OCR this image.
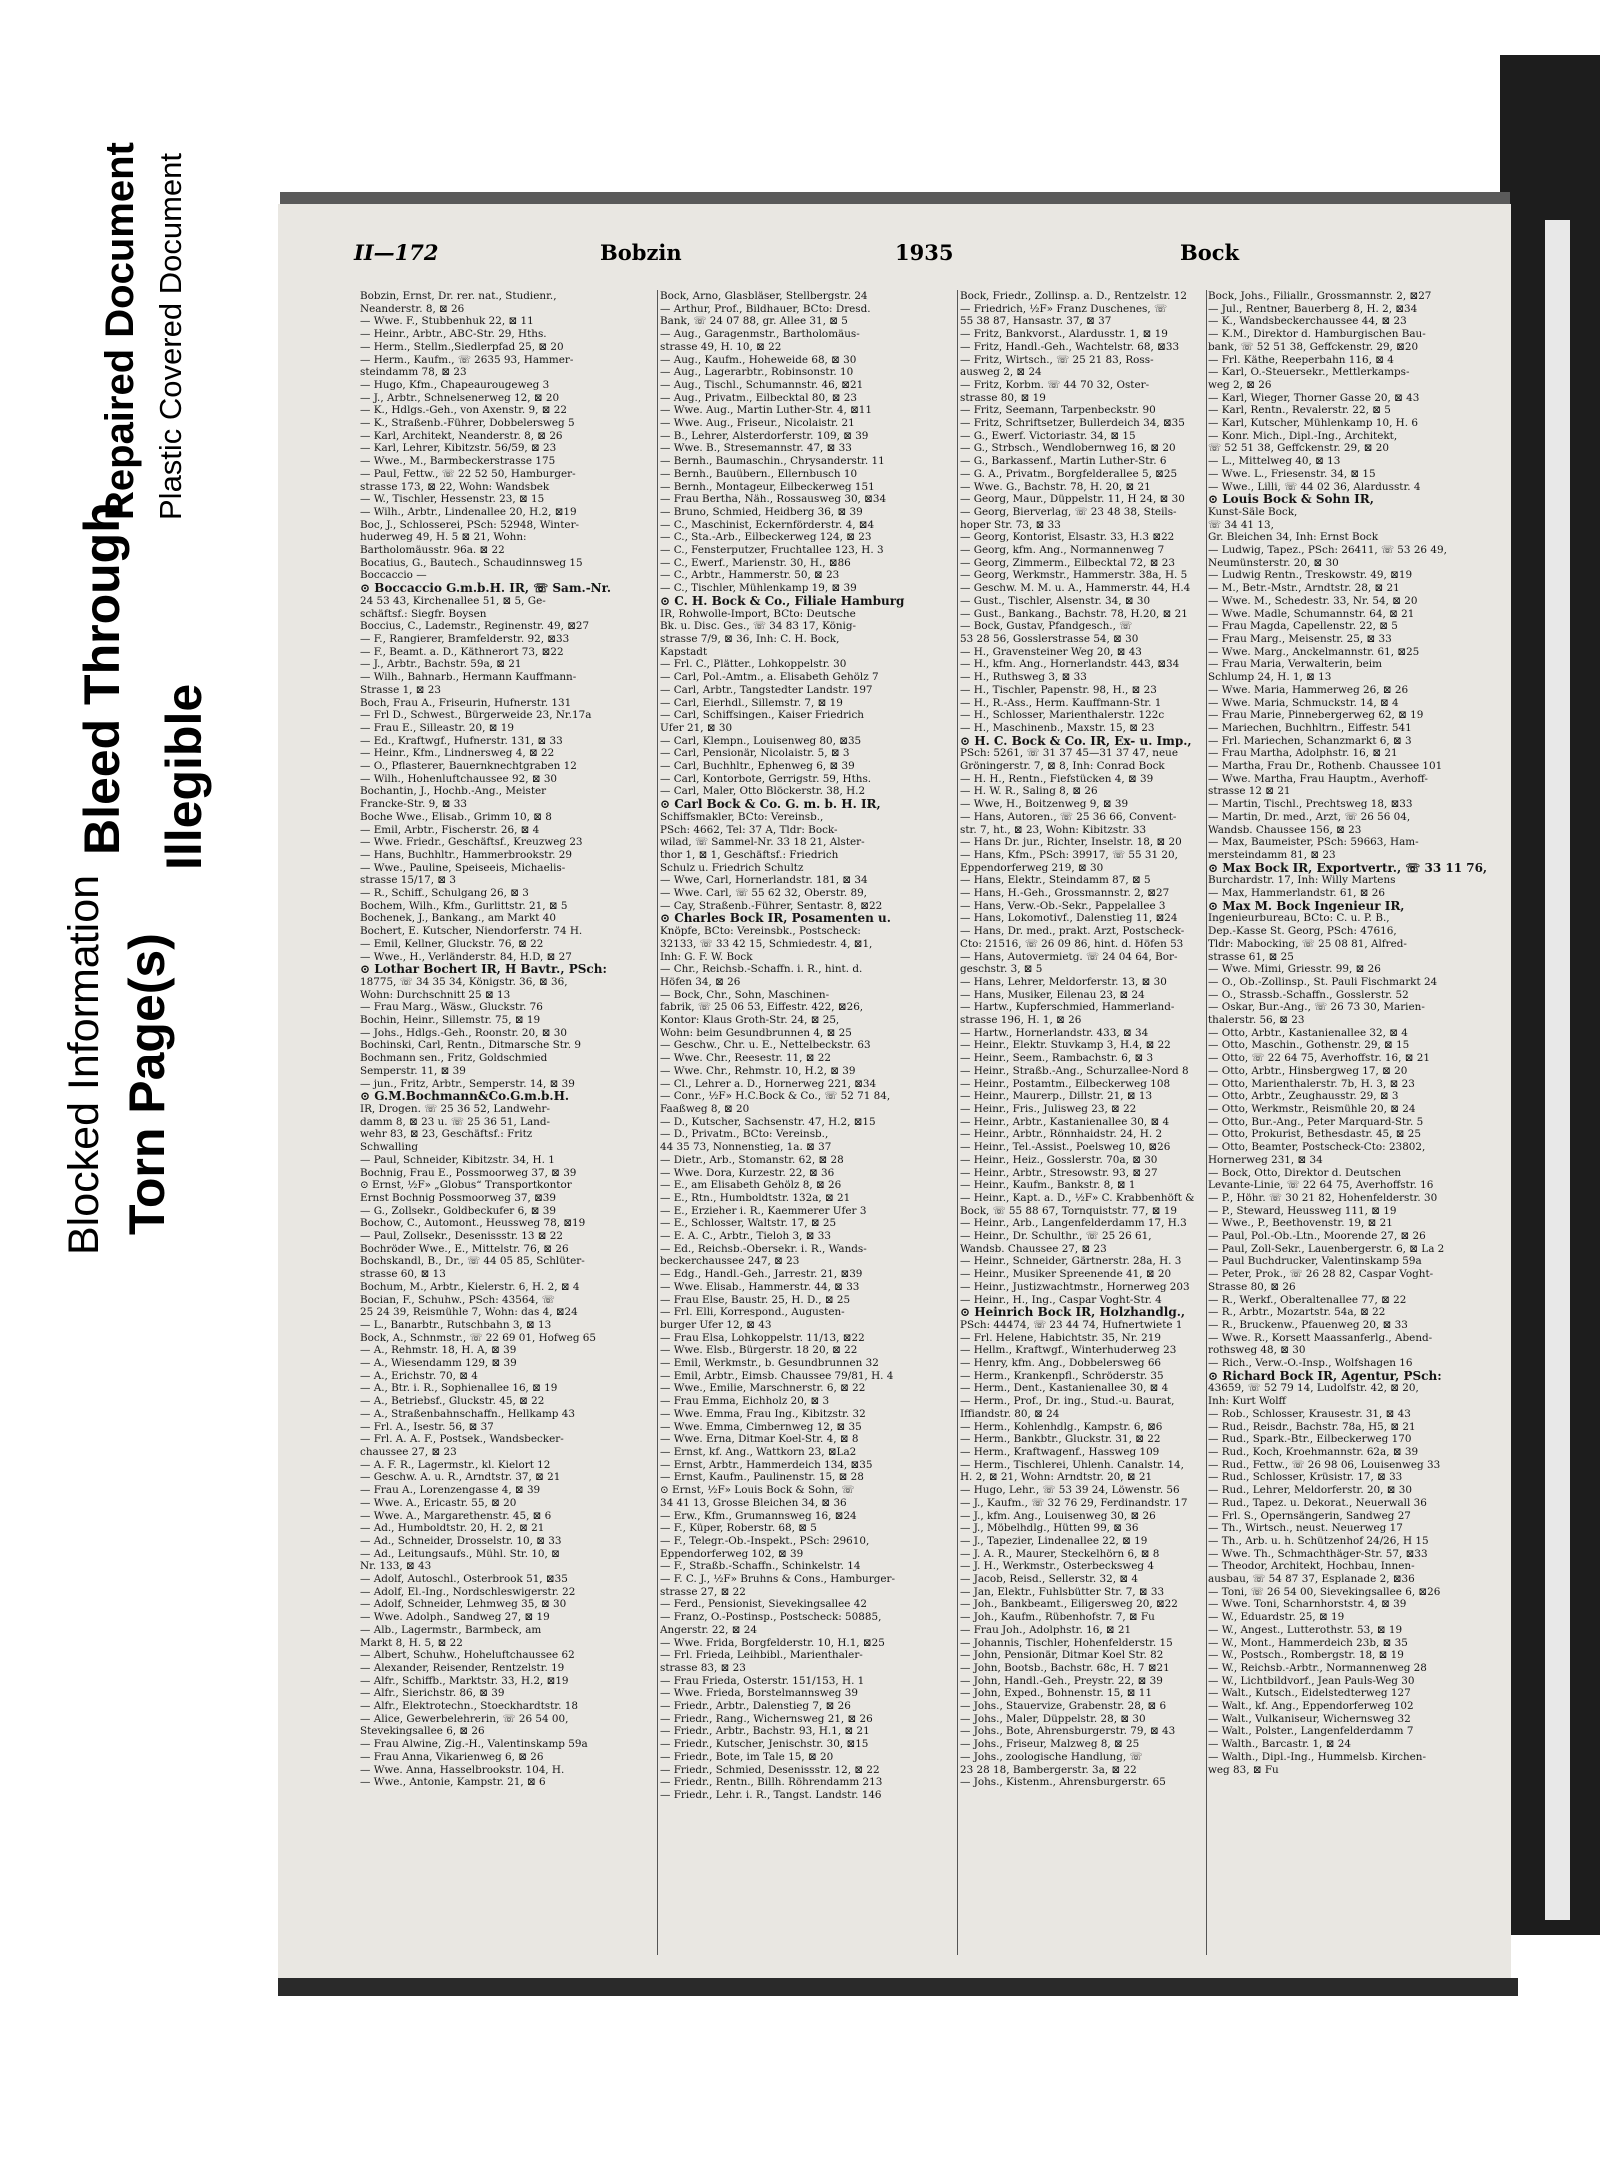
Blocked Information Torn Page(s)
Bleed Through Illegible
Repaired Document Plastic Covered Document	II—172	Bobzin	1935	Bock
Bobzin, Ernst, Dr. rer. nat., Studienr.,
Neanderstr. 8, ⊠ 26
— Wwe. F., Stubbenhuk 22, ⊠ 11
— Heinr., Arbtr., ABC-Str. 29, Hths.
— Herm., Stellm.,Siedlerpfad 25, ⊠ 20
— Herm., Kaufm., ☏ 2635 93, Hammer-
steindamm 78, ⊠ 23
— Hugo, Kfm., Chapeaurougeweg 3
— J., Arbtr., Schnelsenerweg 12, ⊠ 20
— K., Hdlgs.-Geh., von Axenstr. 9, ⊠ 22
— K., Straßenb.-Führer, Dobbelersweg 5
— Karl, Architekt, Neanderstr. 8, ⊠ 26
— Karl, Lehrer, Kibitzstr. 56/59, ⊠ 23
— Wwe., M., Barmbeckerstrasse 175
— Paul, Fettw., ☏ 22 52 50, Hamburger-
strasse 173, ⊠ 22, Wohn: Wandsbek
— W., Tischler, Hessenstr. 23, ⊠ 15
— Wilh., Arbtr., Lindenallee 20, H.2, ⊠19
Boc, J., Schlosserei, PSch: 52948, Winter-
huderweg 49, H. 5 ⊠ 21, Wohn:
Bartholomäusstr. 96a. ⊠ 22
Bocatius, G., Bautech., Schaudinnsweg 15
Boccaccio —
⊙ Boccaccio G.m.b.H. IR, ☏ Sam.-Nr.
24 53 43, Kirchenallee 51, ⊠ 5, Ge-
schäftsf.: Siegfr. Boysen
Boccius, C., Lademstr., Reginenstr. 49, ⊠27
— F., Rangierer, Bramfelderstr. 92, ⊠33
— F., Beamt. a. D., Käthnerort 73, ⊠22
— J., Arbtr., Bachstr. 59a, ⊠ 21
— Wilh., Bahnarb., Hermann Kauffmann-
Strasse 1, ⊠ 23
Boch, Frau A., Friseurin, Hufnerstr. 131
— Frl D., Schwest., Bürgerweide 23, Nr.17a
— Frau E., Silleastr. 20, ⊠ 19
— Ed., Kraftwgf., Hufnerstr. 131, ⊠ 33
— Heinr., Kfm., Lindnersweg 4, ⊠ 22
— O., Pflasterer, Bauernknechtgraben 12
— Wilh., Hohenluftchaussee 92, ⊠ 30
Bochantin, J., Hochb.-Ang., Meister
Francke-Str. 9, ⊠ 33
Boche Wwe., Elisab., Grimm 10, ⊠ 8
— Emil, Arbtr., Fischerstr. 26, ⊠ 4
— Wwe. Friedr., Geschäftsf., Kreuzweg 23
— Hans, Buchhltr., Hammerbrookstr. 29
— Wwe., Pauline, Speiseeis, Michaelis-
strasse 15/17, ⊠ 3
— R., Schiff., Schulgang 26, ⊠ 3
Bochem, Wilh., Kfm., Gurlittstr. 21, ⊠ 5
Bochenek, J., Bankang., am Markt 40
Bochert, E. Kutscher, Niendorferstr. 74 H.
— Emil, Kellner, Gluckstr. 76, ⊠ 22
— Wwe., H., Verländerstr. 84, H.D, ⊠ 27
⊙ Lothar Bochert IR, H Bavtr., PSch:
18775, ☏ 34 35 34, Königstr. 36, ⊠ 36,
Wohn: Durchschnitt 25 ⊠ 13
— Frau Marg., Wäsw., Gluckstr. 76
Bochin, Heinr., Sillemstr. 75, ⊠ 19
— Johs., Hdlgs.-Geh., Roonstr. 20, ⊠ 30
Bochinski, Carl, Rentn., Ditmarsche Str. 9
Bochmann sen., Fritz, Goldschmied
Semperstr. 11, ⊠ 39
— jun., Fritz, Arbtr., Semperstr. 14, ⊠ 39
⊙ G.M.Bochmann&Co.G.m.b.H.
IR, Drogen. ☏ 25 36 52, Landwehr-
damm 8, ⊠ 23 u. ☏ 25 36 51, Land-
wehr 83, ⊠ 23, Geschäftsf.: Fritz
Schwalling
— Paul, Schneider, Kibitzstr. 34, H. 1
Bochnig, Frau E., Possmoorweg 37, ⊠ 39
⊙ Ernst, ½F» „Globus“ Transportkontor
Ernst Bochnig Possmoorweg 37, ⊠39
— G., Zollsekr., Goldbeckufer 6, ⊠ 39
Bochow, C., Automont., Heussweg 78, ⊠19
— Paul, Zollsekr., Desenissstr. 13 ⊠ 22
Bochröder Wwe., E., Mittelstr. 76, ⊠ 26
Bochskandl, B., Dr., ☏ 44 05 85, Schlüter-
strasse 60, ⊠ 13
Bochum, M., Arbtr., Kielerstr. 6, H. 2, ⊠ 4
Bocian, F., Schuhw., PSch: 43564, ☏
25 24 39, Reismühle 7, Wohn: das 4, ⊠24
— L., Banarbtr., Rutschbahn 3, ⊠ 13
Bock, A., Schnmstr., ☏ 22 69 01, Hofweg 65
— A., Rehmstr. 18, H. A, ⊠ 39
— A., Wiesendamm 129, ⊠ 39
— A., Erichstr. 70, ⊠ 4
— A., Btr. i. R., Sophienallee 16, ⊠ 19
— A., Betriebsf., Gluckstr. 45, ⊠ 22
— A., Straßenbahnschaffn., Hellkamp 43
— Frl. A., Isestr. 56, ⊠ 37
— Frl. A. A. F., Postsek., Wandsbecker-
chaussee 27, ⊠ 23
— A. F. R., Lagermstr., kl. Kielort 12
— Geschw. A. u. R., Arndtstr. 37, ⊠ 21
— Frau A., Lorenzengasse 4, ⊠ 39
— Wwe. A., Ericastr. 55, ⊠ 20
— Wwe. A., Margarethenstr. 45, ⊠ 6
— Ad., Humboldtstr. 20, H. 2, ⊠ 21
— Ad., Schneider, Drosselstr. 10, ⊠ 33
— Ad., Leitungsaufs., Mühl. Str. 10, ⊠
Nr. 133, ⊠ 43
— Adolf, Autoschl., Osterbrook 51, ⊠35
— Adolf, El.-Ing., Nordschleswigerstr. 22
— Adolf, Schneider, Lehmweg 35, ⊠ 30
— Wwe. Adolph., Sandweg 27, ⊠ 19
— Alb., Lagermstr., Barmbeck, am
Markt 8, H. 5, ⊠ 22
— Albert, Schuhw., Hoheluftchaussee 62
— Alexander, Reisender, Rentzelstr. 19
— Alfr., Schiffb., Marktstr. 33, H.2, ⊠19
— Alfr., Sierichstr. 86, ⊠ 39
— Alfr., Elektrotechn., Stoeckhardtstr. 18
— Alice, Gewerbelehrerin, ☏ 26 54 00,
Stevekingsallee 6, ⊠ 26
— Frau Alwine, Zig.-H., Valentinskamp 59a
— Frau Anna, Vikarienweg 6, ⊠ 26
— Wwe. Anna, Hasselbrookstr. 104, H.
— Wwe., Antonie, Kampstr. 21, ⊠ 6
Bock, Arno, Glasbläser, Stellbergstr. 24
— Arthur, Prof., Bildhauer, BCto: Dresd.
Bank, ☏ 24 07 88, gr. Allee 31, ⊠ 5
— Aug., Garagenmstr., Bartholomäus-
strasse 49, H. 10, ⊠ 22
— Aug., Kaufm., Hoheweide 68, ⊠ 30
— Aug., Lagerarbtr., Robinsonstr. 10
— Aug., Tischl., Schumannstr. 46, ⊠21
— Aug., Privatm., Eilbecktal 80, ⊠ 23
— Wwe. Aug., Martin Luther-Str. 4, ⊠11
— Wwe. Aug., Friseur., Nicolaistr. 21
— B., Lehrer, Alsterdorferstr. 109, ⊠ 39
— Wwe. B., Stresemannstr. 47, ⊠ 33
— Bernh., Baumaschin., Chrysanderstr. 11
— Bernh., Bauübern., Ellernbusch 10
— Bernh., Montageur, Eilbeckerweg 151
— Frau Bertha, Näh., Rossausweg 30, ⊠34
— Bruno, Schmied, Heidberg 36, ⊠ 39
— C., Maschinist, Eckernförderstr. 4, ⊠4
— C., Sta.-Arb., Eilbeckerweg 124, ⊠ 23
— C., Fensterputzer, Fruchtallee 123, H. 3
— C., Ewerf., Marienstr. 30, H., ⊠86
— C., Arbtr., Hammerstr. 50, ⊠ 23
— C., Tischler, Mühlenkamp 19, ⊠ 39
⊙ C. H. Bock & Co., Filiale Hamburg
IR, Rohwolle-Import, BCto: Deutsche
Bk. u. Disc. Ges., ☏ 34 83 17, König-
strasse 7/9, ⊠ 36, Inh: C. H. Bock,
Kapstadt
— Frl. C., Plätter., Lohkoppelstr. 30
— Carl, Pol.-Amtm., a. Elisabeth Gehölz 7
— Carl, Arbtr., Tangstedter Landstr. 197
— Carl, Eierhdl., Sillemstr. 7, ⊠ 19
— Carl, Schiffsingen., Kaiser Friedrich
Ufer 21, ⊠ 30
— Carl, Klempn., Louisenweg 80, ⊠35
— Carl, Pensionär, Nicolaistr. 5, ⊠ 3
— Carl, Buchhltr., Ephenweg 6, ⊠ 39
— Carl, Kontorbote, Gerrigstr. 59, Hths.
— Carl, Maler, Otto Blöckerstr. 38, H.2
⊙ Carl Bock & Co. G. m. b. H. IR,
Schiffsmakler, BCto: Vereinsb.,
PSch: 4662, Tel: 37 A, Tldr: Bock-
wilad, ☏ Sammel-Nr. 33 18 21, Alster-
thor 1, ⊠ 1, Geschäftsf.: Friedrich
Schulz u. Friedrich Schultz
— Wwe, Carl, Hornerlandstr. 181, ⊠ 34
— Wwe. Carl, ☏ 55 62 32, Oberstr. 89,
— Cay, Straßenb.-Führer, Sentastr. 8, ⊠22
⊙ Charles Bock IR, Posamenten u.
Knöpfe, BCto: Vereinsbk., Postscheck:
32133, ☏ 33 42 15, Schmiedestr. 4, ⊠1,
Inh: G. F. W. Bock
— Chr., Reichsb.-Schaffn. i. R., hint. d.
Höfen 34, ⊠ 26
— Bock, Chr., Sohn, Maschinen-
fabrik, ☏ 25 06 53, Eiffestr. 422, ⊠26,
Kontor: Klaus Groth-Str. 24, ⊠ 25,
Wohn: beim Gesundbrunnen 4, ⊠ 25
— Geschw., Chr. u. E., Nettelbeckstr. 63
— Wwe. Chr., Reesestr. 11, ⊠ 22
— Wwe. Chr., Rehmstr. 10, H.2, ⊠ 39
— Cl., Lehrer a. D., Hornerweg 221, ⊠34
— Conr., ½F» H.C.Bock & Co., ☏ 52 71 84,
Faaßweg 8, ⊠ 20
— D., Kutscher, Sachsenstr. 47, H.2, ⊠15
— D., Privatm., BCto: Vereinsb.,
44 35 73, Nonnenstieg, 1a. ⊠ 37
— Dietr., Arb., Stomanstr. 62, ⊠ 28
— Wwe. Dora, Kurzestr. 22, ⊠ 36
— E., am Elisabeth Gehölz 8, ⊠ 26
— E., Rtn., Humboldtstr. 132a, ⊠ 21
— E., Erzieher i. R., Kaemmerer Ufer 3
— E., Schlosser, Waltstr. 17, ⊠ 25
— E. A. C., Arbtr., Tieloh 3, ⊠ 33
— Ed., Reichsb.-Obersekr. i. R., Wands-
beckerchaussee 247, ⊠ 23
— Edg., Handl.-Geh., Jarrestr. 21, ⊠39
— Wwe. Elisab., Hammerstr. 44, ⊠ 33
— Frau Else, Baustr. 25, H. D., ⊠ 25
— Frl. Elli, Korrespond., Augusten-
burger Ufer 12, ⊠ 43
— Frau Elsa, Lohkoppelstr. 11/13, ⊠22
— Wwe. Elsb., Bürgerstr. 18 20, ⊠ 22
— Emil, Werkmstr., b. Gesundbrunnen 32
— Emil, Arbtr., Eimsb. Chaussee 79/81, H. 4
— Wwe., Emilie, Marschnerstr. 6, ⊠ 22
— Frau Emma, Eichholz 20, ⊠ 3
— Wwe. Emma, Frau Ing., Kibitzstr. 32
— Wwe. Emma, Cimbernweg 12, ⊠ 35
— Wwe. Erna, Ditmar Koel-Str. 4, ⊠ 8
— Ernst, kf. Ang., Wattkorn 23, ⊠La2
— Ernst, Arbtr., Hammerdeich 134, ⊠35
— Ernst, Kaufm., Paulinenstr. 15, ⊠ 28
⊙ Ernst, ½F» Louis Bock & Sohn, ☏
34 41 13, Grosse Bleichen 34, ⊠ 36
— Erw., Kfm., Grumannsweg 16, ⊠24
— F., Küper, Roberstr. 68, ⊠ 5
— F., Telegr.-Ob.-Inspekt., PSch: 29610,
Eppendorferweg 102, ⊠ 39
— F., Straßb.-Schaffn., Schinkelstr. 14
— F. C. J., ½F» Bruhns & Cons., Hamburger-
strasse 27, ⊠ 22
— Ferd., Pensionist, Sievekingsallee 42
— Franz, O.-Postinsp., Postscheck: 50885,
Angerstr. 22, ⊠ 24
— Wwe. Frida, Borgfelderstr. 10, H.1, ⊠25
— Frl. Frieda, Leihbibl., Marienthaler-
strasse 83, ⊠ 23
— Frau Frieda, Osterstr. 151/153, H. 1
— Wwe. Frieda, Borstelmannsweg 39
— Friedr., Arbtr., Dalenstieg 7, ⊠ 26
— Friedr., Rang., Wichernsweg 21, ⊠ 26
— Friedr., Arbtr., Bachstr. 93, H.1, ⊠ 21
— Friedr., Kutscher, Jenischstr. 30, ⊠15
— Friedr., Bote, im Tale 15, ⊠ 20
— Friedr., Schmied, Desenissstr. 12, ⊠ 22
— Friedr., Rentn., Billh. Röhrendamm 213
— Friedr., Lehr. i. R., Tangst. Landstr. 146
Bock, Friedr., Zollinsp. a. D., Rentzelstr. 12
— Friedrich, ½F» Franz Duschenes, ☏
55 38 87, Hansastr. 37, ⊠ 37
— Fritz, Bankvorst., Alardusstr. 1, ⊠ 19
— Fritz, Handl.-Geh., Wachtelstr. 68, ⊠33
— Fritz, Wirtsch., ☏ 25 21 83, Ross-
ausweg 2, ⊠ 24
— Fritz, Korbm. ☏ 44 70 32, Oster-
strasse 80, ⊠ 19
— Fritz, Seemann, Tarpenbeckstr. 90
— Fritz, Schriftsetzer, Bullerdeich 34, ⊠35
— G., Ewerf. Victoriastr. 34, ⊠ 15
— G., Strbsch., Wendlobernweg 16, ⊠ 20
— G., Barkassenf., Martin Luther-Str. 6
— G. A., Privatm., Borgfelderallee 5, ⊠25
— Wwe. G., Bachstr. 78, H. 20, ⊠ 21
— Georg, Maur., Düppelstr. 11, H 24, ⊠ 30
— Georg, Bierverlag, ☏ 23 48 38, Steils-
hoper Str. 73, ⊠ 33
— Georg, Kontorist, Elsastr. 33, H.3 ⊠22
— Georg, kfm. Ang., Normannenweg 7
— Georg, Zimmerm., Eilbecktal 72, ⊠ 23
— Georg, Werkmstr., Hammerstr. 38a, H. 5
— Geschw. M. M. u. A., Hammerstr. 44, H.4
— Gust., Tischler, Alsenstr. 34, ⊠ 30
— Gust., Bankang., Bachstr. 78, H.20, ⊠ 21
— Bock, Gustav, Pfandgesch., ☏
53 28 56, Gosslerstrasse 54, ⊠ 30
— H., Gravensteiner Weg 20, ⊠ 43
— H., kfm. Ang., Hornerlandstr. 443, ⊠34
— H., Ruthsweg 3, ⊠ 33
— H., Tischler, Papenstr. 98, H., ⊠ 23
— H., R.-Ass., Herm. Kauffmann-Str. 1
— H., Schlosser, Marienthalerstr. 122c
— H., Maschinenb., Maxstr. 15, ⊠ 23
⊙ H. C. Bock & Co. IR, Ex- u. Imp.,
PSch: 5261, ☏ 31 37 45—31 37 47, neue
Gröningerstr. 7, ⊠ 8, Inh: Conrad Bock
— H. H., Rentn., Fiefstücken 4, ⊠ 39
— H. W. R., Saling 8, ⊠ 26
— Wwe, H., Boitzenweg 9, ⊠ 39
— Hans, Autoren., ☏ 25 36 66, Convent-
str. 7, ht., ⊠ 23, Wohn: Kibitzstr. 33
— Hans Dr. jur., Richter, Inselstr. 18, ⊠ 20
— Hans, Kfm., PSch: 39917, ☏ 55 31 20,
Eppendorferweg 219, ⊠ 30
— Hans, Elektr., Steindamm 87, ⊠ 5
— Hans, H.-Geh., Grossmannstr. 2, ⊠27
— Hans, Verw.-Ob.-Sekr., Pappelallee 3
— Hans, Lokomotivf., Dalenstieg 11, ⊠24
— Hans, Dr. med., prakt. Arzt, Postscheck-
Cto: 21516, ☏ 26 09 86, hint. d. Höfen 53
— Hans, Autovermietg. ☏ 24 04 64, Bor-
geschstr. 3, ⊠ 5
— Hans, Lehrer, Meldorferstr. 13, ⊠ 30
— Hans, Musiker, Eilenau 23, ⊠ 24
— Hartw., Kupferschmied, Hammerland-
strasse 196, H. 1, ⊠ 26
— Hartw., Hornerlandstr. 433, ⊠ 34
— Heinr., Elektr. Stuvkamp 3, H.4, ⊠ 22
— Heinr., Seem., Rambachstr. 6, ⊠ 3
— Heinr., Straßb.-Ang., Schurzallee-Nord 8
— Heinr., Postamtm., Eilbeckerweg 108
— Heinr., Maurerp., Dillstr. 21, ⊠ 13
— Heinr., Fris., Julisweg 23, ⊠ 22
— Heinr., Arbtr., Kastanienallee 30, ⊠ 4
— Heinr., Arbtr., Rönnhaidstr. 24, H. 2
— Heinr., Tel.-Assist., Poelsweg 10, ⊠26
— Heinr., Heiz., Gosslerstr. 70a, ⊠ 30
— Heinr., Arbtr., Stresowstr. 93, ⊠ 27
— Heinr., Kaufm., Bankstr. 8, ⊠ 1
— Heinr., Kapt. a. D., ½F» C. Krabbenhöft &
Bock, ☏ 55 88 67, Tornquiststr. 77, ⊠ 19
— Heinr., Arb., Langenfelderdamm 17, H.3
— Heinr., Dr. Schulthr., ☏ 25 26 61,
Wandsb. Chaussee 27, ⊠ 23
— Heinr., Schneider, Gärtnerstr. 28a, H. 3
— Heinr., Musiker Spreenende 41, ⊠ 20
— Heinr., Justizwachtmstr., Hornerweg 203
— Heinr., H., Ing., Caspar Voght-Str. 4
⊙ Heinrich Bock IR, Holzhandlg.,
PSch: 44474, ☏ 23 44 74, Hufnertwiete 1
— Frl. Helene, Habichtstr. 35, Nr. 219
— Hellm., Kraftwgf., Winterhuderweg 23
— Henry, kfm. Ang., Dobbelersweg 66
— Herm., Krankenpfl., Schröderstr. 35
— Herm., Dent., Kastanienallee 30, ⊠ 4
— Herm., Prof., Dr. ing., Stud.-u. Baurat,
Iffiandstr. 80, ⊠ 24
— Herm., Kohlenhdlg., Kampstr. 6, ⊠6
— Herm., Bankbtr., Gluckstr. 31, ⊠ 22
— Herm., Kraftwagenf., Hassweg 109
— Herm., Tischlerei, Uhlenh. Canalstr. 14,
H. 2, ⊠ 21, Wohn: Arndtstr. 20, ⊠ 21
— Hugo, Lehr., ☏ 53 39 24, Löwenstr. 56
— J., Kaufm., ☏ 32 76 29, Ferdinandstr. 17
— J., kfm. Ang., Louisenweg 30, ⊠ 26
— J., Möbelhdlg., Hütten 99, ⊠ 36
— J., Tapezier, Lindenallee 22, ⊠ 19
— J. A. R., Maurer, Steckelhörn 6, ⊠ 8
— J. H., Werkmstr., Osterbecksweg 4
— Jacob, Reisd., Sellerstr. 32, ⊠ 4
— Jan, Elektr., Fuhlsbütter Str. 7, ⊠ 33
— Joh., Bankbeamt., Eiligersweg 20, ⊠22
— Joh., Kaufm., Rübenhofstr. 7, ⊠ Fu
— Frau Joh., Adolphstr. 16, ⊠ 21
— Johannis, Tischler, Hohenfelderstr. 15
— John, Pensionär, Ditmar Koel Str. 82
— John, Bootsb., Bachstr. 68c, H. 7 ⊠21
— John, Handl.-Geh., Preystr. 22, ⊠ 39
— John, Exped., Bohnenstr. 15, ⊠ 11
— Johs., Stauervize, Grabenstr. 28, ⊠ 6
— Johs., Maler, Düppelstr. 28, ⊠ 30
— Johs., Bote, Ahrensburgerstr. 79, ⊠ 43
— Johs., Friseur, Malzweg 8, ⊠ 25
— Johs., zoologische Handlung, ☏
23 28 18, Bambergerstr. 3a, ⊠ 22
— Johs., Kistenm., Ahrensburgerstr. 65
Bock, Johs., Filiallr., Grossmannstr. 2, ⊠27
— Jul., Rentner, Bauerberg 8, H. 2, ⊠34
— K., Wandsbeckerchaussee 44, ⊠ 23
— K.M., Direktor d. Hamburgischen Bau-
bank, ☏ 52 51 38, Geffckenstr. 29, ⊠20
— Frl. Käthe, Reeperbahn 116, ⊠ 4
— Karl, O.-Steuersekr., Mettlerkamps-
weg 2, ⊠ 26
— Karl, Wieger, Thorner Gasse 20, ⊠ 43
— Karl, Rentn., Revalerstr. 22, ⊠ 5
— Karl, Kutscher, Mühlenkamp 10, H. 6
— Konr. Mich., Dipl.-Ing., Architekt,
☏ 52 51 38, Geffckenstr. 29, ⊠ 20
— L., Mittelweg 40, ⊠ 13
— Wwe. L., Friesenstr. 34, ⊠ 15
— Wwe., Lilli, ☏ 44 02 36, Alardusstr. 4
⊙ Louis Bock & Sohn IR,
Kunst-Säle Bock,
☏ 34 41 13,
Gr. Bleichen 34, Inh: Ernst Bock
— Ludwig, Tapez., PSch: 26411, ☏ 53 26 49,
Neumünsterstr. 20, ⊠ 30
— Ludwig Rentn., Treskowstr. 49, ⊠19
— M., Betr.-Mstr., Arndtstr. 28, ⊠ 21
— Wwe. M., Schedestr. 33, Nr. 54, ⊠ 20
— Wwe. Madle, Schumannstr. 64, ⊠ 21
— Frau Magda, Capellenstr. 22, ⊠ 5
— Frau Marg., Meisenstr. 25, ⊠ 33
— Wwe. Marg., Anckelmannstr. 61, ⊠25
— Frau Maria, Verwalterin, beim
Schlump 24, H. 1, ⊠ 13
— Wwe. Maria, Hammerweg 26, ⊠ 26
— Wwe. Maria, Schmuckstr. 14, ⊠ 4
— Frau Marie, Pinnebergerweg 62, ⊠ 19
— Mariechen, Buchhltrn., Eiffestr. 541
— Frl. Mariechen, Schanzmarkt 6, ⊠ 3
— Frau Martha, Adolphstr. 16, ⊠ 21
— Martha, Frau Dr., Rothenb. Chaussee 101
— Wwe. Martha, Frau Hauptm., Averhoff-
strasse 12 ⊠ 21
— Martin, Tischl., Prechtsweg 18, ⊠33
— Martin, Dr. med., Arzt, ☏ 26 56 04,
Wandsb. Chaussee 156, ⊠ 23
— Max, Baumeister, PSch: 59663, Ham-
mersteindamm 81, ⊠ 23
⊙ Max Bock IR, Exportvertr., ☏ 33 11 76,
Burchardstr. 17, Inh: Willy Martens
— Max, Hammerlandstr. 61, ⊠ 26
⊙ Max M. Bock Ingenieur IR,
Ingenieurbureau, BCto: C. u. P. B.,
Dep.-Kasse St. Georg, PSch: 47616,
Tldr: Mabocking, ☏ 25 08 81, Alfred-
strasse 61, ⊠ 25
— Wwe. Mimi, Griesstr. 99, ⊠ 26
— O., Ob.-Zollinsp., St. Pauli Fischmarkt 24
— O., Strassb.-Schaffn., Gosslerstr. 52
— Oskar, Bur.-Ang., ☏ 26 73 30, Marien-
thalerstr. 56, ⊠ 23
— Otto, Arbtr., Kastanienallee 32, ⊠ 4
— Otto, Maschin., Gothenstr. 29, ⊠ 15
— Otto, ☏ 22 64 75, Averhoffstr. 16, ⊠ 21
— Otto, Arbtr., Hinsbergweg 17, ⊠ 20
— Otto, Marienthalerstr. 7b, H. 3, ⊠ 23
— Otto, Arbtr., Zeughausstr. 29, ⊠ 3
— Otto, Werkmstr., Reismühle 20, ⊠ 24
— Otto, Bur.-Ang., Peter Marquard-Str. 5
— Otto, Prokurist, Bethesdastr. 45, ⊠ 25
— Otto, Beamter, Postscheck-Cto: 23802,
Hornerweg 231, ⊠ 34
— Bock, Otto, Direktor d. Deutschen
Levante-Linie, ☏ 22 64 75, Averhoffstr. 16
— P., Höhr. ☏ 30 21 82, Hohenfelderstr. 30
— P., Steward, Heussweg 111, ⊠ 19
— Wwe., P., Beethovenstr. 19, ⊠ 21
— Paul, Pol.-Ob.-Ltn., Moorende 27, ⊠ 26
— Paul, Zoll-Sekr., Lauenbergerstr. 6, ⊠ La 2
— Paul Buchdrucker, Valentinskamp 59a
— Peter, Prok., ☏ 26 28 82, Caspar Voght-
Strasse 80, ⊠ 26
— R., Werkf., Oberaltenallee 77, ⊠ 22
— R., Arbtr., Mozartstr. 54a, ⊠ 22
— R., Bruckenw., Pfauenweg 20, ⊠ 33
— Wwe. R., Korsett Maassanferlg., Abend-
rothsweg 48, ⊠ 30
— Rich., Verw.-O.-Insp., Wolfshagen 16
⊙ Richard Bock IR, Agentur, PSch:
43659, ☏ 52 79 14, Ludolfstr. 42, ⊠ 20,
Inh: Kurt Wolff
— Rob., Schlosser, Krausestr. 31, ⊠ 43
— Rud., Reisdr., Bachstr. 78a, H5, ⊠ 21
— Rud., Spark.-Btr., Eilbeckerweg 170
— Rud., Koch, Kroehmannstr. 62a, ⊠ 39
— Rud., Fettw., ☏ 26 98 06, Louisenweg 33
— Rud., Schlosser, Krüsistr. 17, ⊠ 33
— Rud., Lehrer, Meldorferstr. 20, ⊠ 30
— Rud., Tapez. u. Dekorat., Neuerwall 36
— Frl. S., Opernsängerin, Sandweg 27
— Th., Wirtsch., neust. Neuerweg 17
— Th., Arb. u. h. Schützenhof 24/26, H 15
— Wwe. Th., Schmachthäger-Str. 57, ⊠33
— Theodor, Architekt, Hochbau, Innen-
ausbau, ☏ 54 87 37, Esplanade 2, ⊠36
— Toni, ☏ 26 54 00, Sievekingsallee 6, ⊠26
— Wwe. Toni, Scharnhorststr. 4, ⊠ 39
— W., Eduardstr. 25, ⊠ 19
— W., Angest., Lutterothstr. 53, ⊠ 19
— W., Mont., Hammerdeich 23b, ⊠ 35
— W., Postsch., Rombergstr. 18, ⊠ 19
— W., Reichsb.-Arbtr., Normannenweg 28
— W., Lichtbildvorf., Jean Pauls-Weg 30
— Walt., Kutsch., Eidelstedterweg 127
— Walt., kf. Ang., Eppendorferweg 102
— Walt., Vulkaniseur, Wichernsweg 32
— Walt., Polster., Langenfelderdamm 7
— Walth., Barcastr. 1, ⊠ 24
— Walth., Dipl.-Ing., Hummelsb. Kirchen-
weg 83, ⊠ Fu
